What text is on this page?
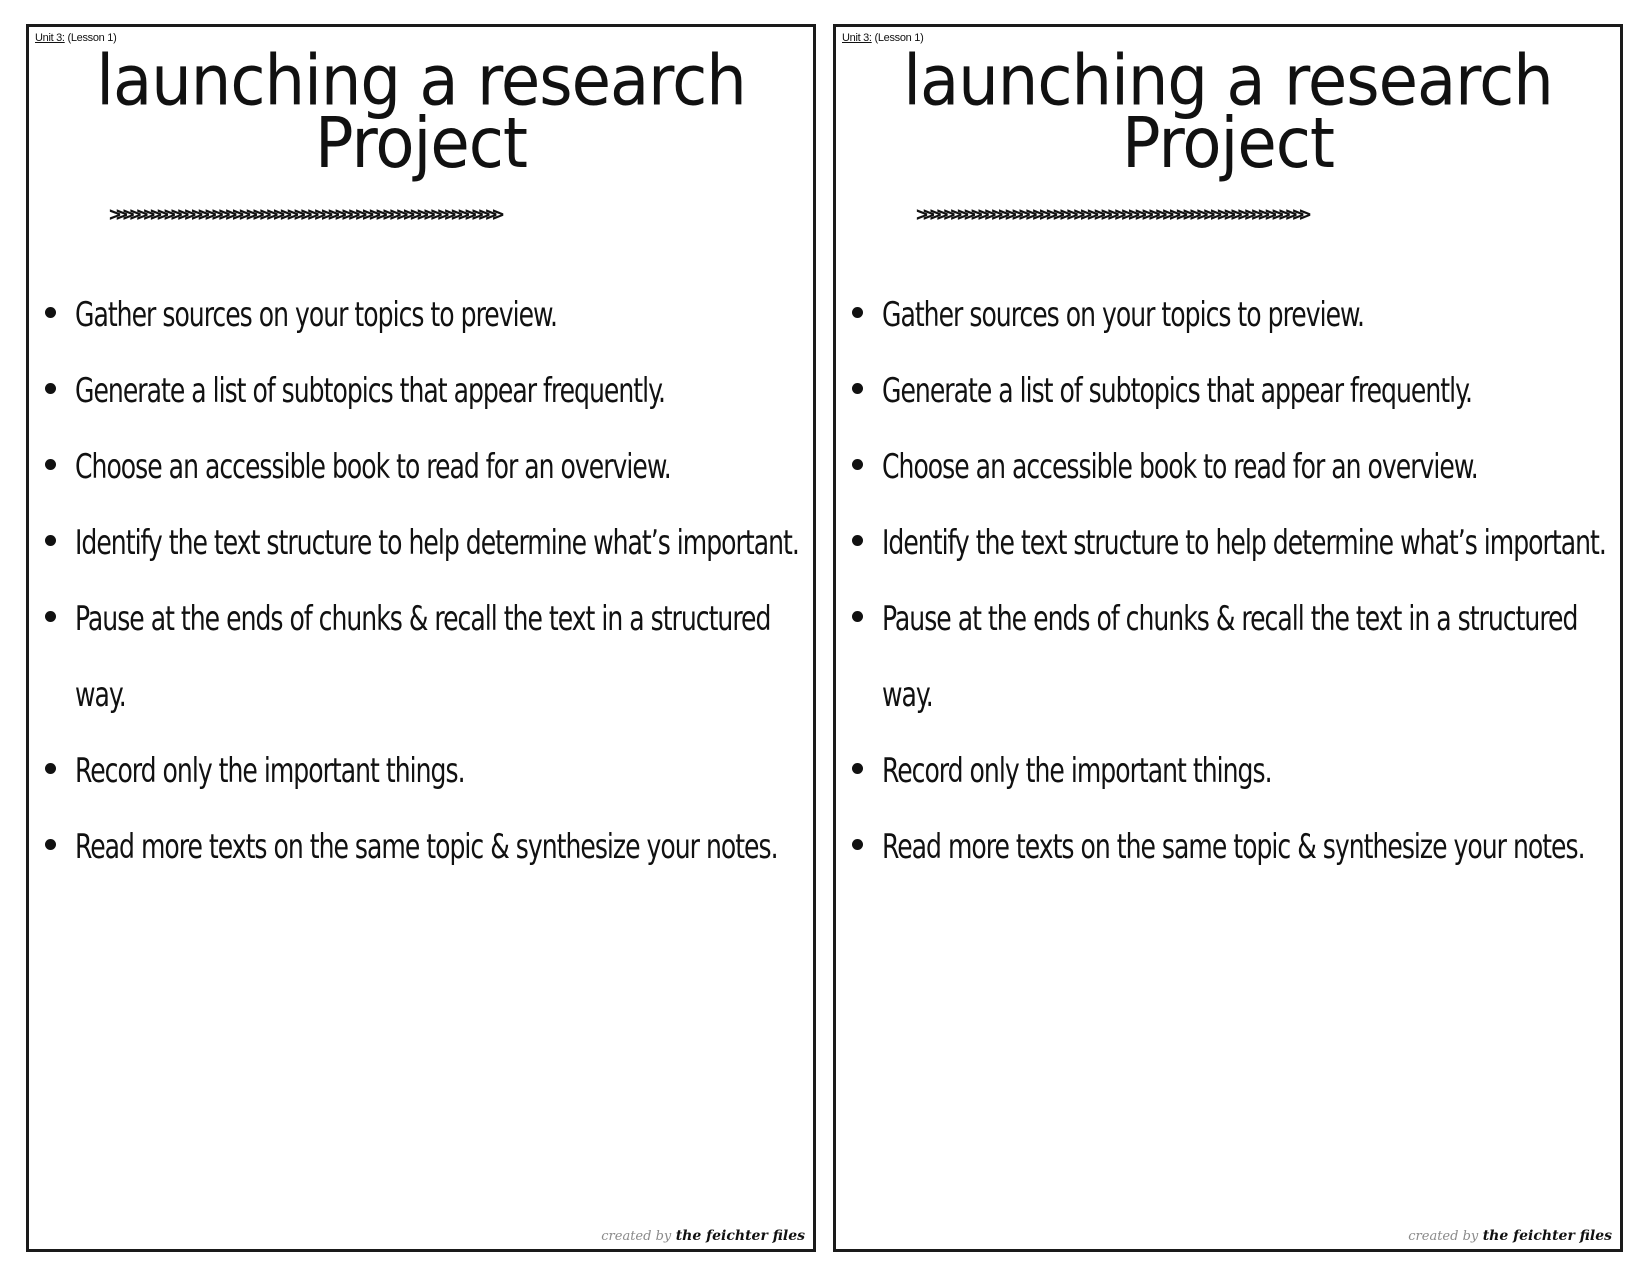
Unit 3: (Lesson 1)
launching a research
Project
>>>>>>>>>>>>>>>>>>>>>>>>>>>>>>>>>>>>>>>>>>>>>>>>>>>>>>>>>
Gather sources on your topics to preview.
Generate a list of subtopics that appear frequently.
Choose an accessible book to read for an overview.
Identify the text structure to help determine what’s important.
Pause at the ends of chunks & recall the text in a structured way.
Record only the important things.
Read more texts on the same topic & synthesize your notes.
created by the feichter files
Unit 3: (Lesson 1)
launching a research
Project
>>>>>>>>>>>>>>>>>>>>>>>>>>>>>>>>>>>>>>>>>>>>>>>>>>>>>>>>>
Gather sources on your topics to preview.
Generate a list of subtopics that appear frequently.
Choose an accessible book to read for an overview.
Identify the text structure to help determine what’s important.
Pause at the ends of chunks & recall the text in a structured way.
Record only the important things.
Read more texts on the same topic & synthesize your notes.
created by the feichter files
